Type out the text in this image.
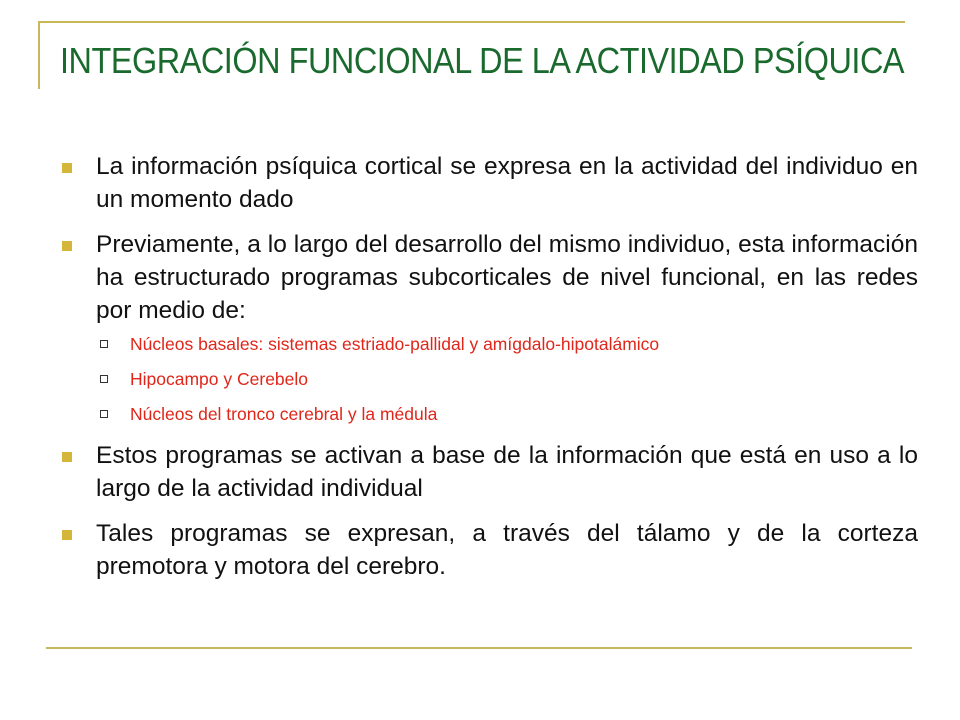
INTEGRACIÓN FUNCIONAL DE LA ACTIVIDAD PSÍQUICA
La información psíquica cortical se expresa en la actividad del individuo en un momento dado
Previamente, a lo largo del desarrollo del mismo individuo, esta información ha estructurado programas subcorticales de nivel funcional, en las redes por medio de:
Núcleos basales: sistemas estriado-pallidal y amígdalo-hipotalámico
Hipocampo y Cerebelo
Núcleos del tronco cerebral y la médula
Estos programas se activan a base de la información que está en uso a lo largo de la actividad individual
Tales programas se expresan, a través del tálamo y de la corteza premotora y motora del cerebro.
